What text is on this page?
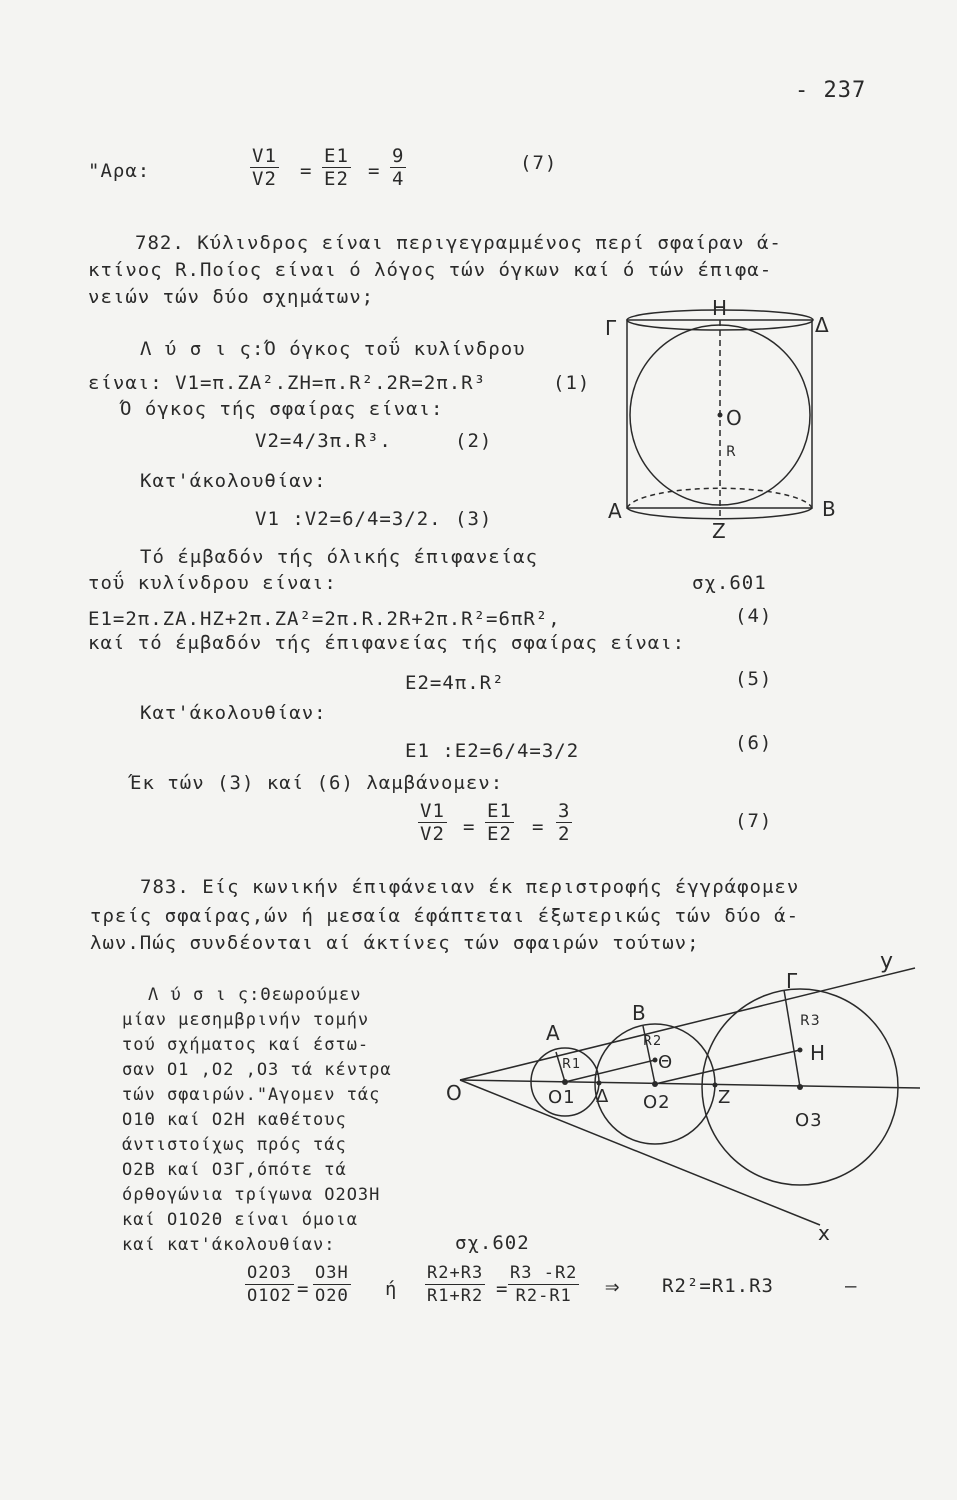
- 237
"Αρα:	$\frac{V1}{V2} = \frac{E1}{E2} = \frac{9}{4}$	(7)
782. Κύλινδρος είναι περιγεγραμμένος περί σφαίραν ά-
κτίνος R.Ποίος είναι ό λόγος τών όγκων καί ό τών έπιφα-
νειών τών δύο σχημάτων;
Λ ύ σ ι ς:Ό όγκος τοΰ κυλίνδρου
είναι: V1=π.ZA².ZH=π.R².2R=2π.R³	(1)
Ό όγκος τής σφαίρας είναι:
V2=4/3π.R³.	(2)
Κατ'άκολουθίαν:
V1 :V2=6/4=3/2. (3)
Τό έμβαδόν τής όλικής έπιφανείας
τοΰ κυλίνδρου είναι:	σχ.601
E1=2π.ZA.HZ+2π.ZA²=2π.R.2R+2π.R²=6πR²,	(4)
καί τό έμβαδόν τής έπιφανείας τής σφαίρας είναι:
E2=4π.R²	(5)
Κατ'άκολουθίαν:
E1 :E2=6/4=3/2	(6)
Έκ τών (3) καί (6) λαμβάνομεν:
$\frac{V1}{V2} = \frac{E1}{E2} = \frac{3}{2}$	(7)
Γ
H
Δ
O
R
A
Z
B
783. Είς κωνικήν έπιφάνειαν έκ περιστροφής έγγράφομεν
τρείς σφαίρας,ών ή μεσαία έφάπτεται έξωτερικώς τών δύο ά-
λων.Πώς συνδέονται αί άκτίνες τών σφαιρών τούτων;
Λ ύ σ ι ς:Θεωρούμεν
μίαν μεσημβρινήν τομήν
τού σχήματος καί έστω-
σαν O1 ,O2 ,O3 τά κέντρα
τών σφαιρών."Αγομεν τάς
O1Θ καί O2H καθέτους
άντιστοίχως πρός τάς
O2B καί O3Γ,όπότε τά
όρθογώνια τρίγωνα O2O3H
καί O1O2Θ είναι όμοια
καί κατ'άκολουθίαν:	σχ.602
$\frac{O2O3}{O1O2} = \frac{O3H}{O2\Theta}$ ή $\frac{R2+R3}{R1+R2} = \frac{R3 -R2}{R2-R1}$ ⇒ R2²=R1.R3	—
y
Γ
R3
H
B
A	R2
Θ
R1
O	O1 Δ O2	Z
O3
x
